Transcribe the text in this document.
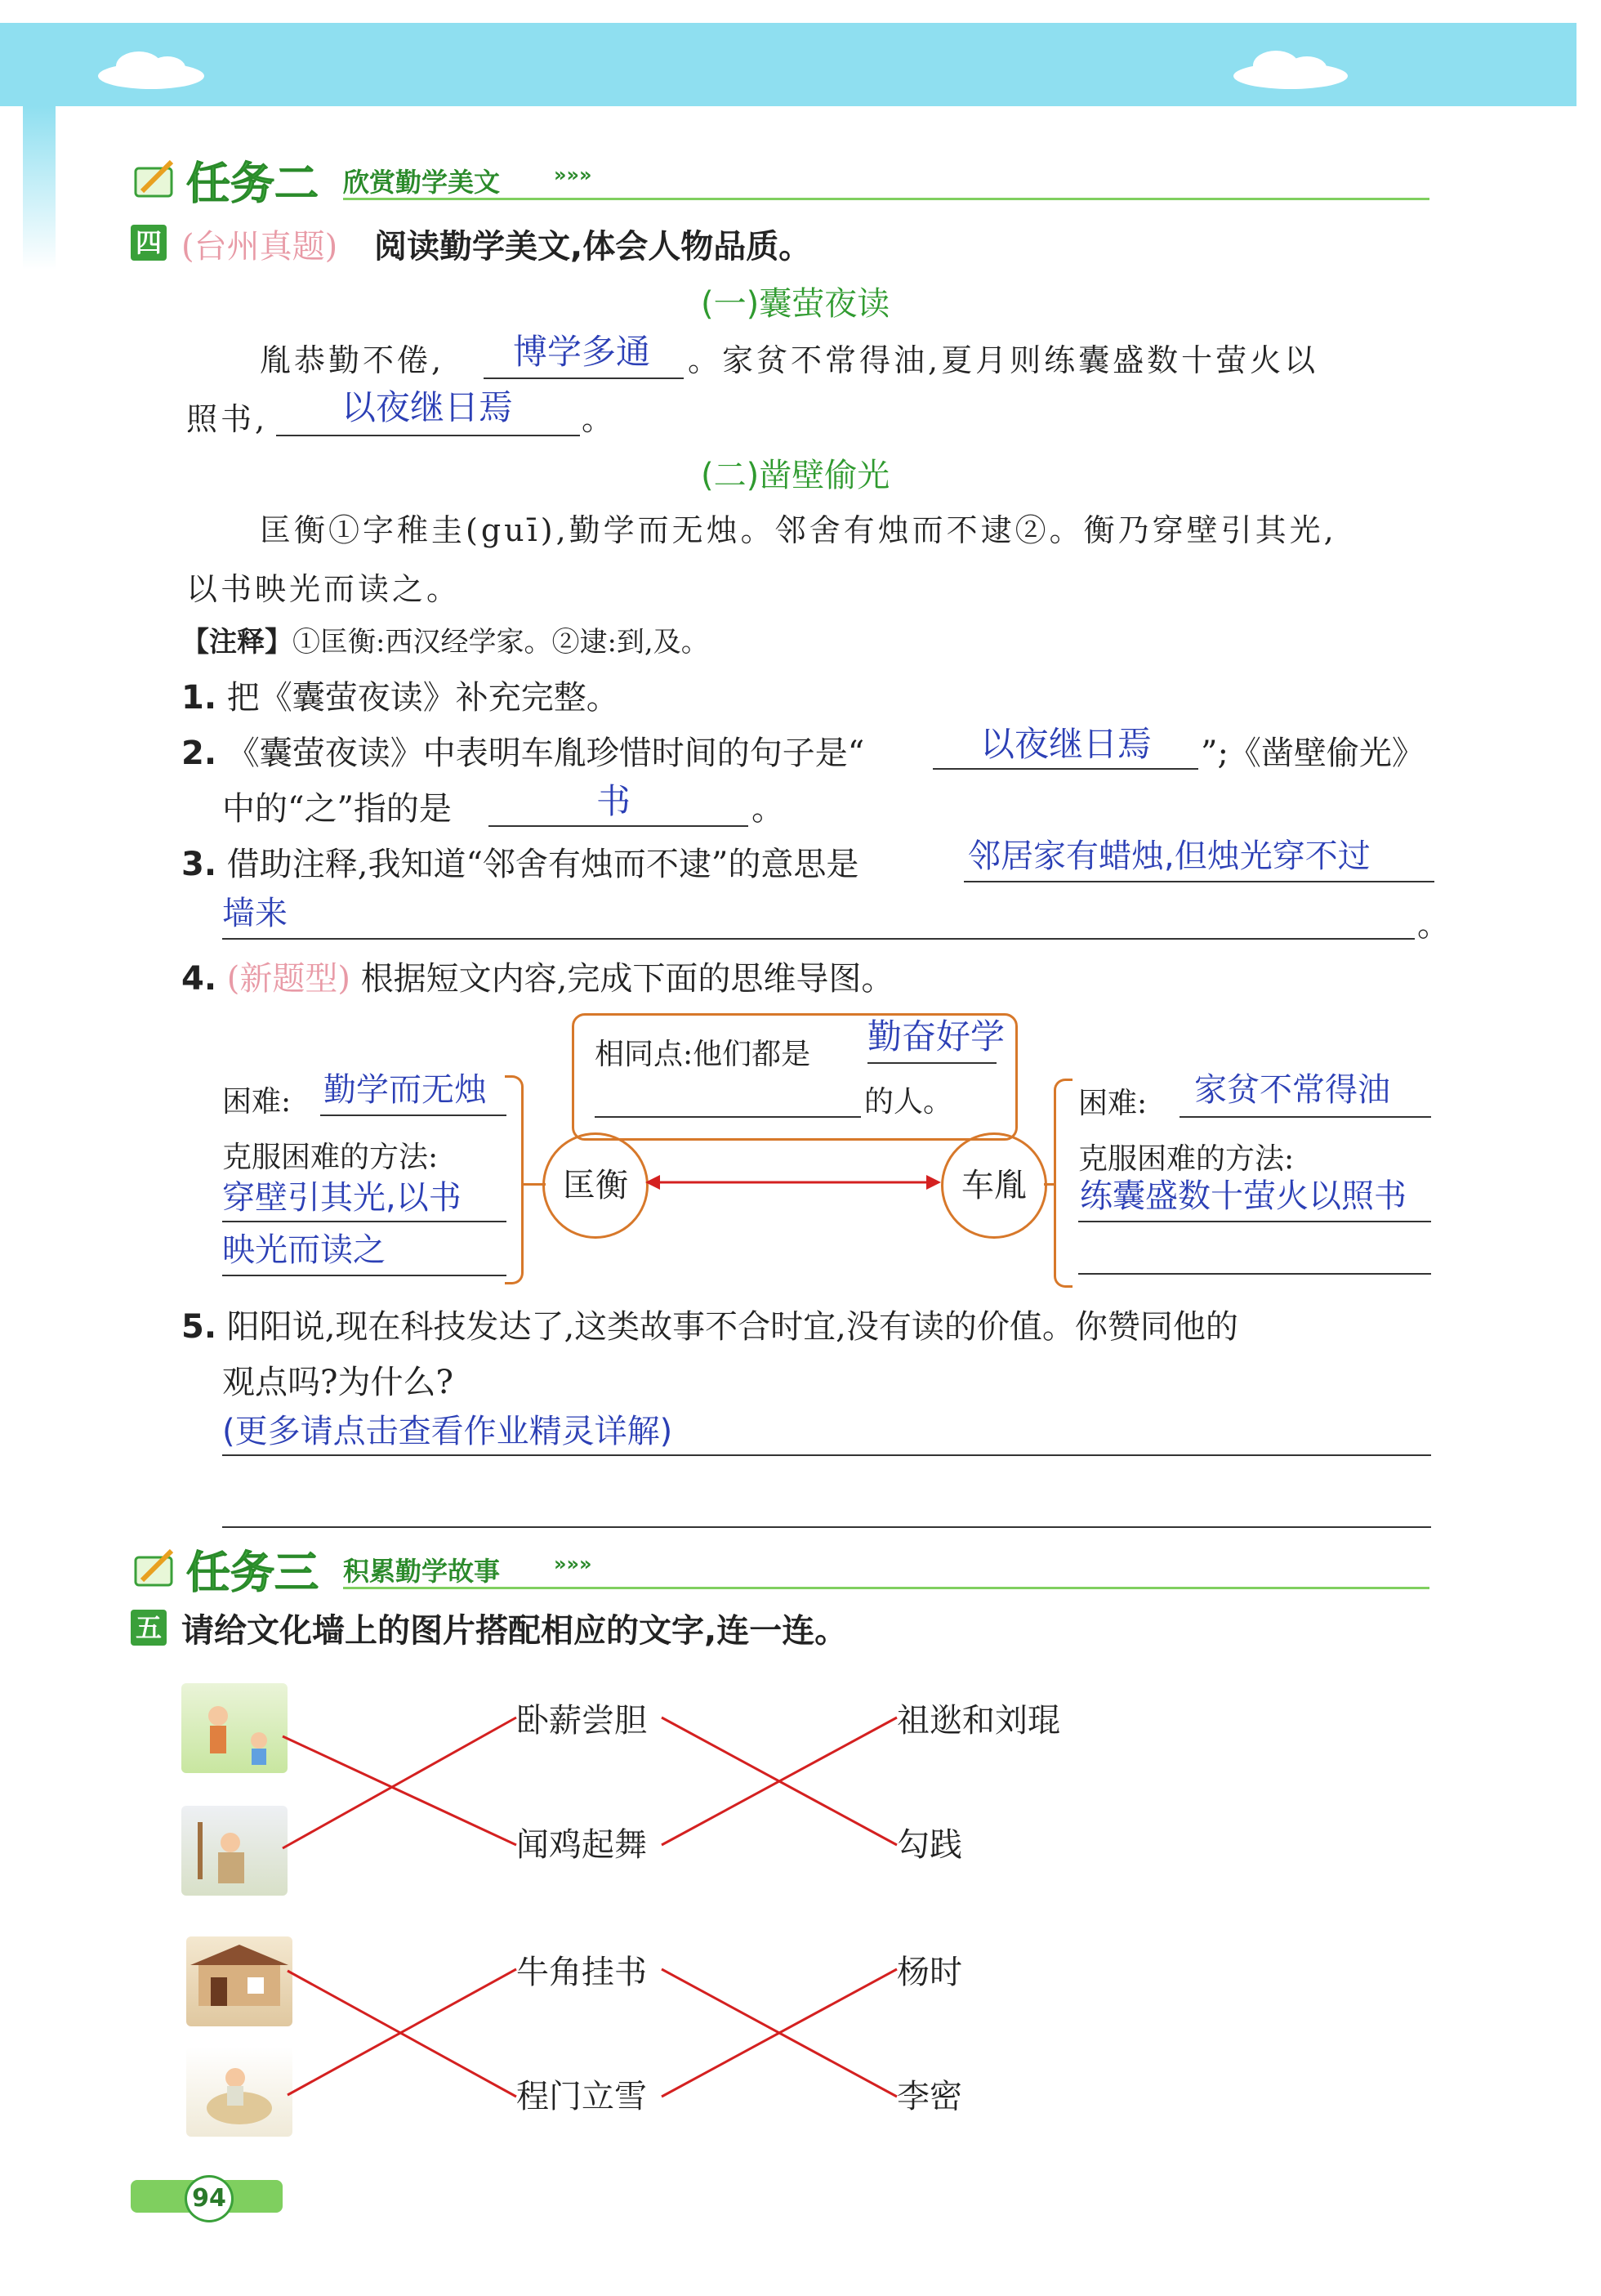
任务二 欣赏勤学美文	»»»
四 (台州真题) 阅读勤学美文,体会人物品质。
(一)囊萤夜读
胤恭勤不倦, 博学多通 。家贫不常得油,夏月则练囊盛数十萤火以
照书, 以夜继日焉 。
(二)凿壁偷光
匡衡①字稚圭(guī),勤学而无烛。邻舍有烛而不逮②。衡乃穿壁引其光,
以书映光而读之。
【注释】①匡衡:西汉经学家。②逮:到,及。
1. 把《囊萤夜读》补充完整。
2. 《囊萤夜读》中表明车胤珍惜时间的句子是“	以夜继日焉 ”;《凿壁偷光》
中的“之”指的是	书	。
3. 借助注释,我知道“邻舍有烛而不逮”的意思是	邻居家有蜡烛,但烛光穿不过
墙来	。
4. (新题型) 根据短文内容,完成下面的思维导图。
相同点:他们都是 勤奋好学
的人。
困难: 勤学而无烛
克服困难的方法:
穿壁引其光,以书
映光而读之
匡衡	车胤
困难: 家贫不常得油
克服困难的方法:
练囊盛数十萤火以照书
5. 阳阳说,现在科技发达了,这类故事不合时宜,没有读的价值。你赞同他的
观点吗?为什么?
(更多请点击查看作业精灵详解)
任务三 积累勤学故事	»»»
五 请给文化墙上的图片搭配相应的文字,连一连。
卧薪尝胆
闻鸡起舞
牛角挂书
程门立雪
祖逖和刘琨
勾践
杨时
李密
94
